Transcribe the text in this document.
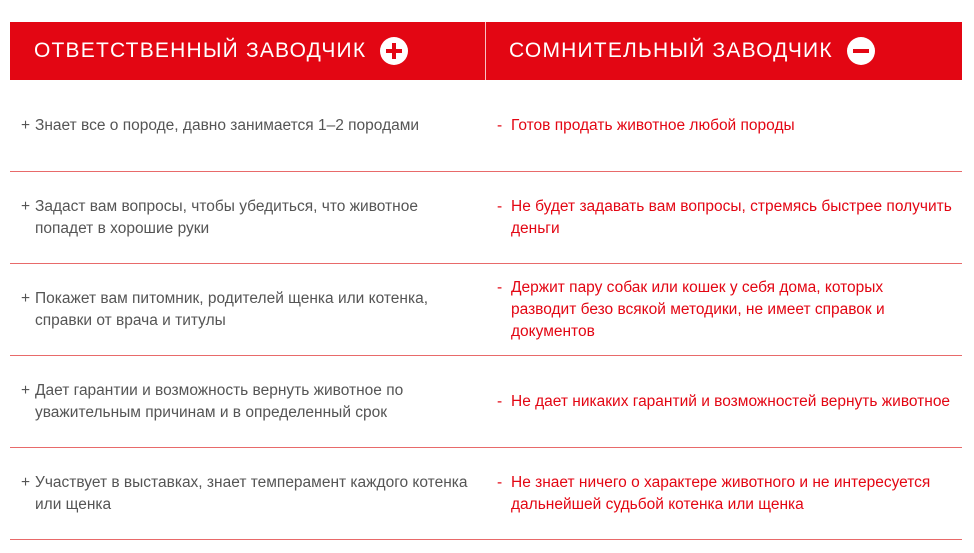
ОТВЕТСТВЕННЫЙ ЗАВОДЧИК	СОМНИТЕЛЬНЫЙ ЗАВОДЧИК
+ Знает все о породе, давно занимается 1–2 породами	- Готов продать животное любой породы
+ Задаст вам вопросы, чтобы убедиться, что животное попадет в хорошие руки
- Не будет задавать вам вопросы, стремясь быстрее получить деньги
+ Покажет вам питомник, родителей щенка или котенка, справки от врача и титулы
- Держит пару собак или кошек у себя дома, которых разводит безо всякой методики, не имеет справок и документов
+ Дает гарантии и возможность вернуть животное по уважительным причинам и в определенный срок
- Не дает никаких гарантий и возможностей вернуть животное
+ Участвует в выставках, знает темперамент каждого котенка или щенка
- Не знает ничего о характере животного и не интересуется дальнейшей судьбой котенка или щенка
